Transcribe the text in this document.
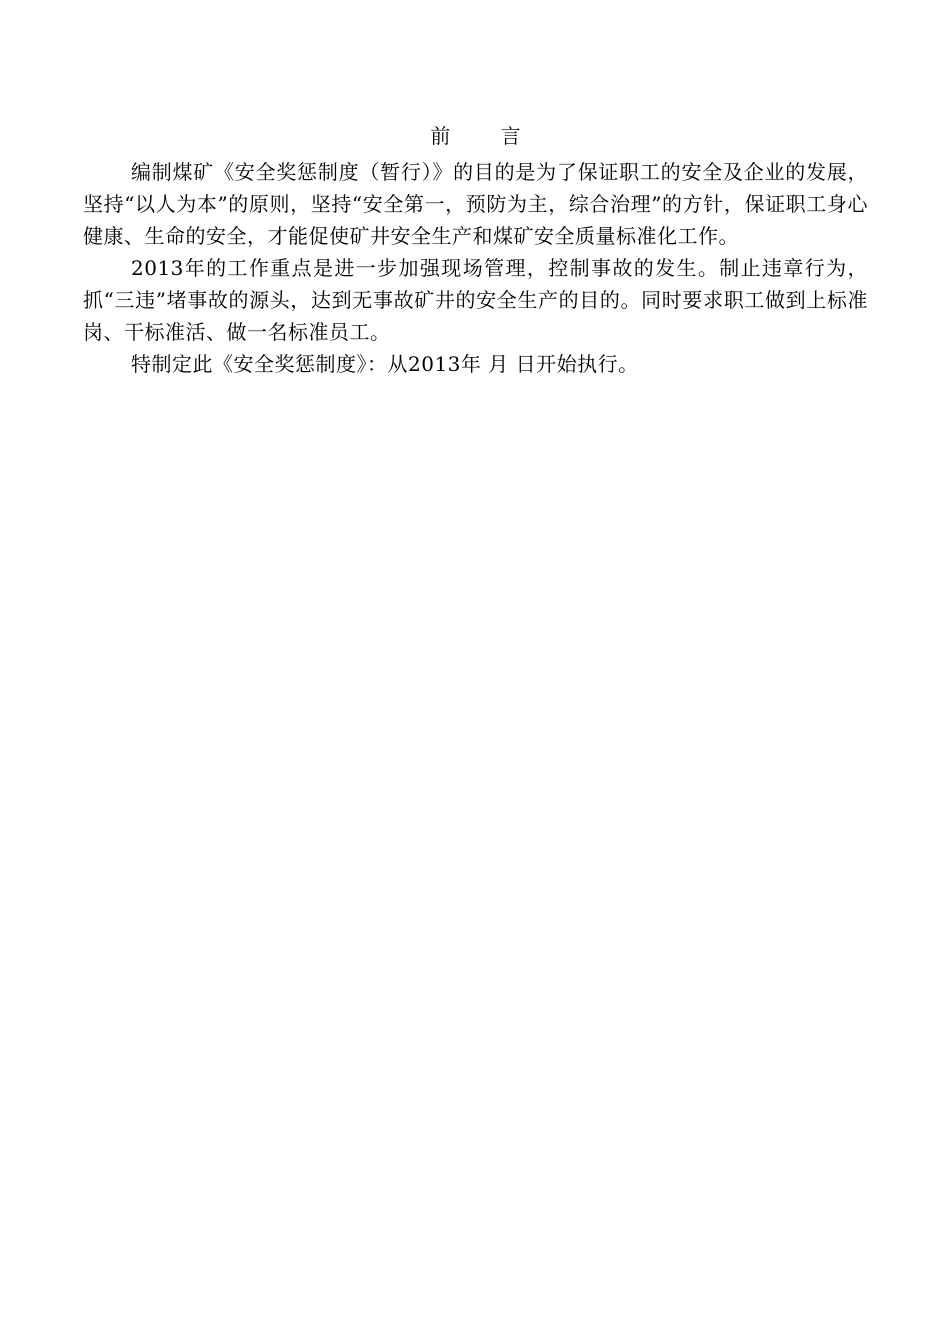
前 言

编制煤矿《安全奖惩制度（暂行）》的目的是为了保证职工的安全及企业的发展，坚持“以人为本”的原则，坚持“安全第一，预防为主，综合治理”的方针，保证职工身心健康、生命的安全，才能促使矿井安全生产和煤矿安全质量标准化工作。

2013年的工作重点是进一步加强现场管理，控制事故的发生。制止违章行为，抓“三违”堵事故的源头，达到无事故矿井的安全生产的目的。同时要求职工做到上标准岗、干标准活、做一名标准员工。

特制定此《安全奖惩制度》：从2013年 月 日开始执行。
